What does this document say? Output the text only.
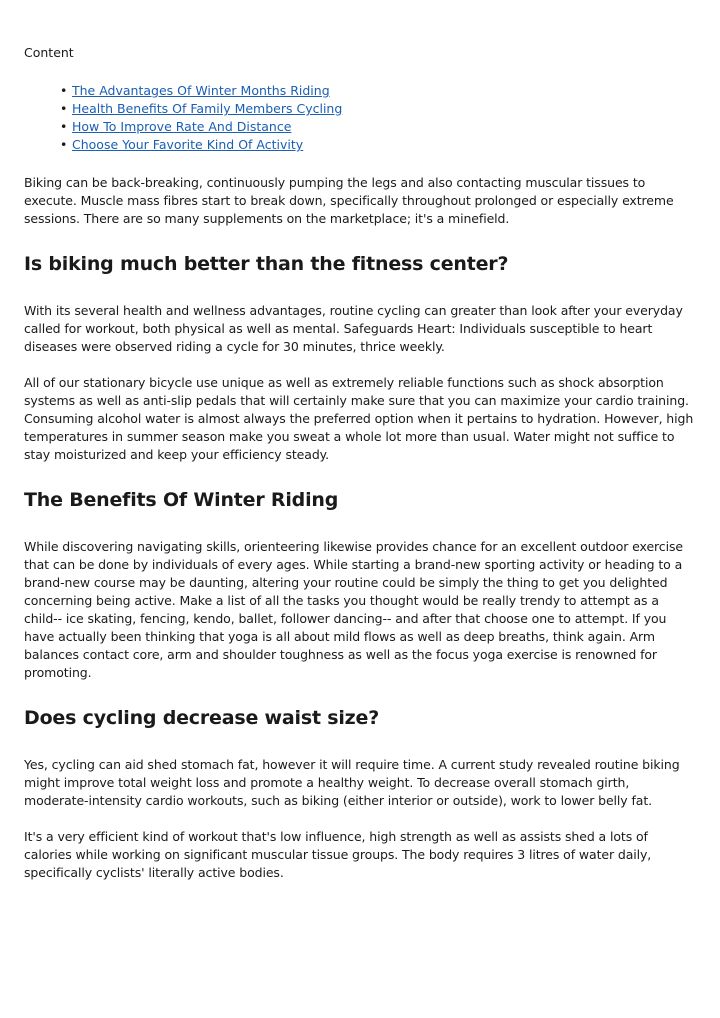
Content
• The Advantages Of Winter Months Riding
• Health Benefits Of Family Members Cycling
• How To Improve Rate And Distance
• Choose Your Favorite Kind Of Activity

Biking can be back-breaking, continuously pumping the legs and also contacting muscular tissues to execute. Muscle mass fibres start to break down, specifically throughout prolonged or especially extreme sessions. There are so many supplements on the marketplace; it's a minefield.

Is biking much better than the fitness center?

With its several health and wellness advantages, routine cycling can greater than look after your everyday called for workout, both physical as well as mental. Safeguards Heart: Individuals susceptible to heart diseases were observed riding a cycle for 30 minutes, thrice weekly.

All of our stationary bicycle use unique as well as extremely reliable functions such as shock absorption systems as well as anti-slip pedals that will certainly make sure that you can maximize your cardio training. Consuming alcohol water is almost always the preferred option when it pertains to hydration. However, high temperatures in summer season make you sweat a whole lot more than usual. Water might not suffice to stay moisturized and keep your efficiency steady.

The Benefits Of Winter Riding

While discovering navigating skills, orienteering likewise provides chance for an excellent outdoor exercise that can be done by individuals of every ages. While starting a brand-new sporting activity or heading to a brand-new course may be daunting, altering your routine could be simply the thing to get you delighted concerning being active. Make a list of all the tasks you thought would be really trendy to attempt as a child-- ice skating, fencing, kendo, ballet, follower dancing-- and after that choose one to attempt. If you have actually been thinking that yoga is all about mild flows as well as deep breaths, think again. Arm balances contact core, arm and shoulder toughness as well as the focus yoga exercise is renowned for promoting.

Does cycling decrease waist size?

Yes, cycling can aid shed stomach fat, however it will require time. A current study revealed routine biking might improve total weight loss and promote a healthy weight. To decrease overall stomach girth, moderate-intensity cardio workouts, such as biking (either interior or outside), work to lower belly fat.

It's a very efficient kind of workout that's low influence, high strength as well as assists shed a lots of calories while working on significant muscular tissue groups. The body requires 3 litres of water daily, specifically cyclists' literally active bodies.
